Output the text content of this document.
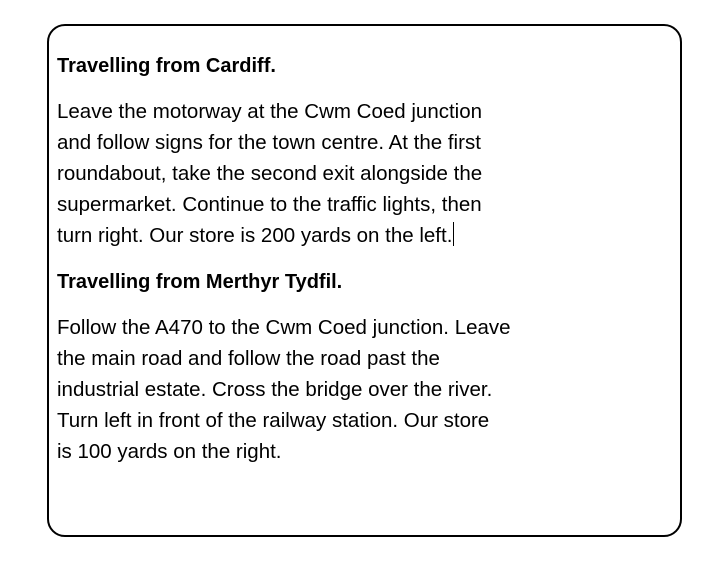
Travelling from Cardiff.

Leave the motorway at the Cwm Coed junction
and follow signs for the town centre. At the first
roundabout, take the second exit alongside the
supermarket. Continue to the traffic lights, then
turn right. Our store is 200 yards on the left.

Travelling from Merthyr Tydfil.

Follow the A470 to the Cwm Coed junction. Leave
the main road and follow the road past the
industrial estate. Cross the bridge over the river.
Turn left in front of the railway station. Our store
is 100 yards on the right.
